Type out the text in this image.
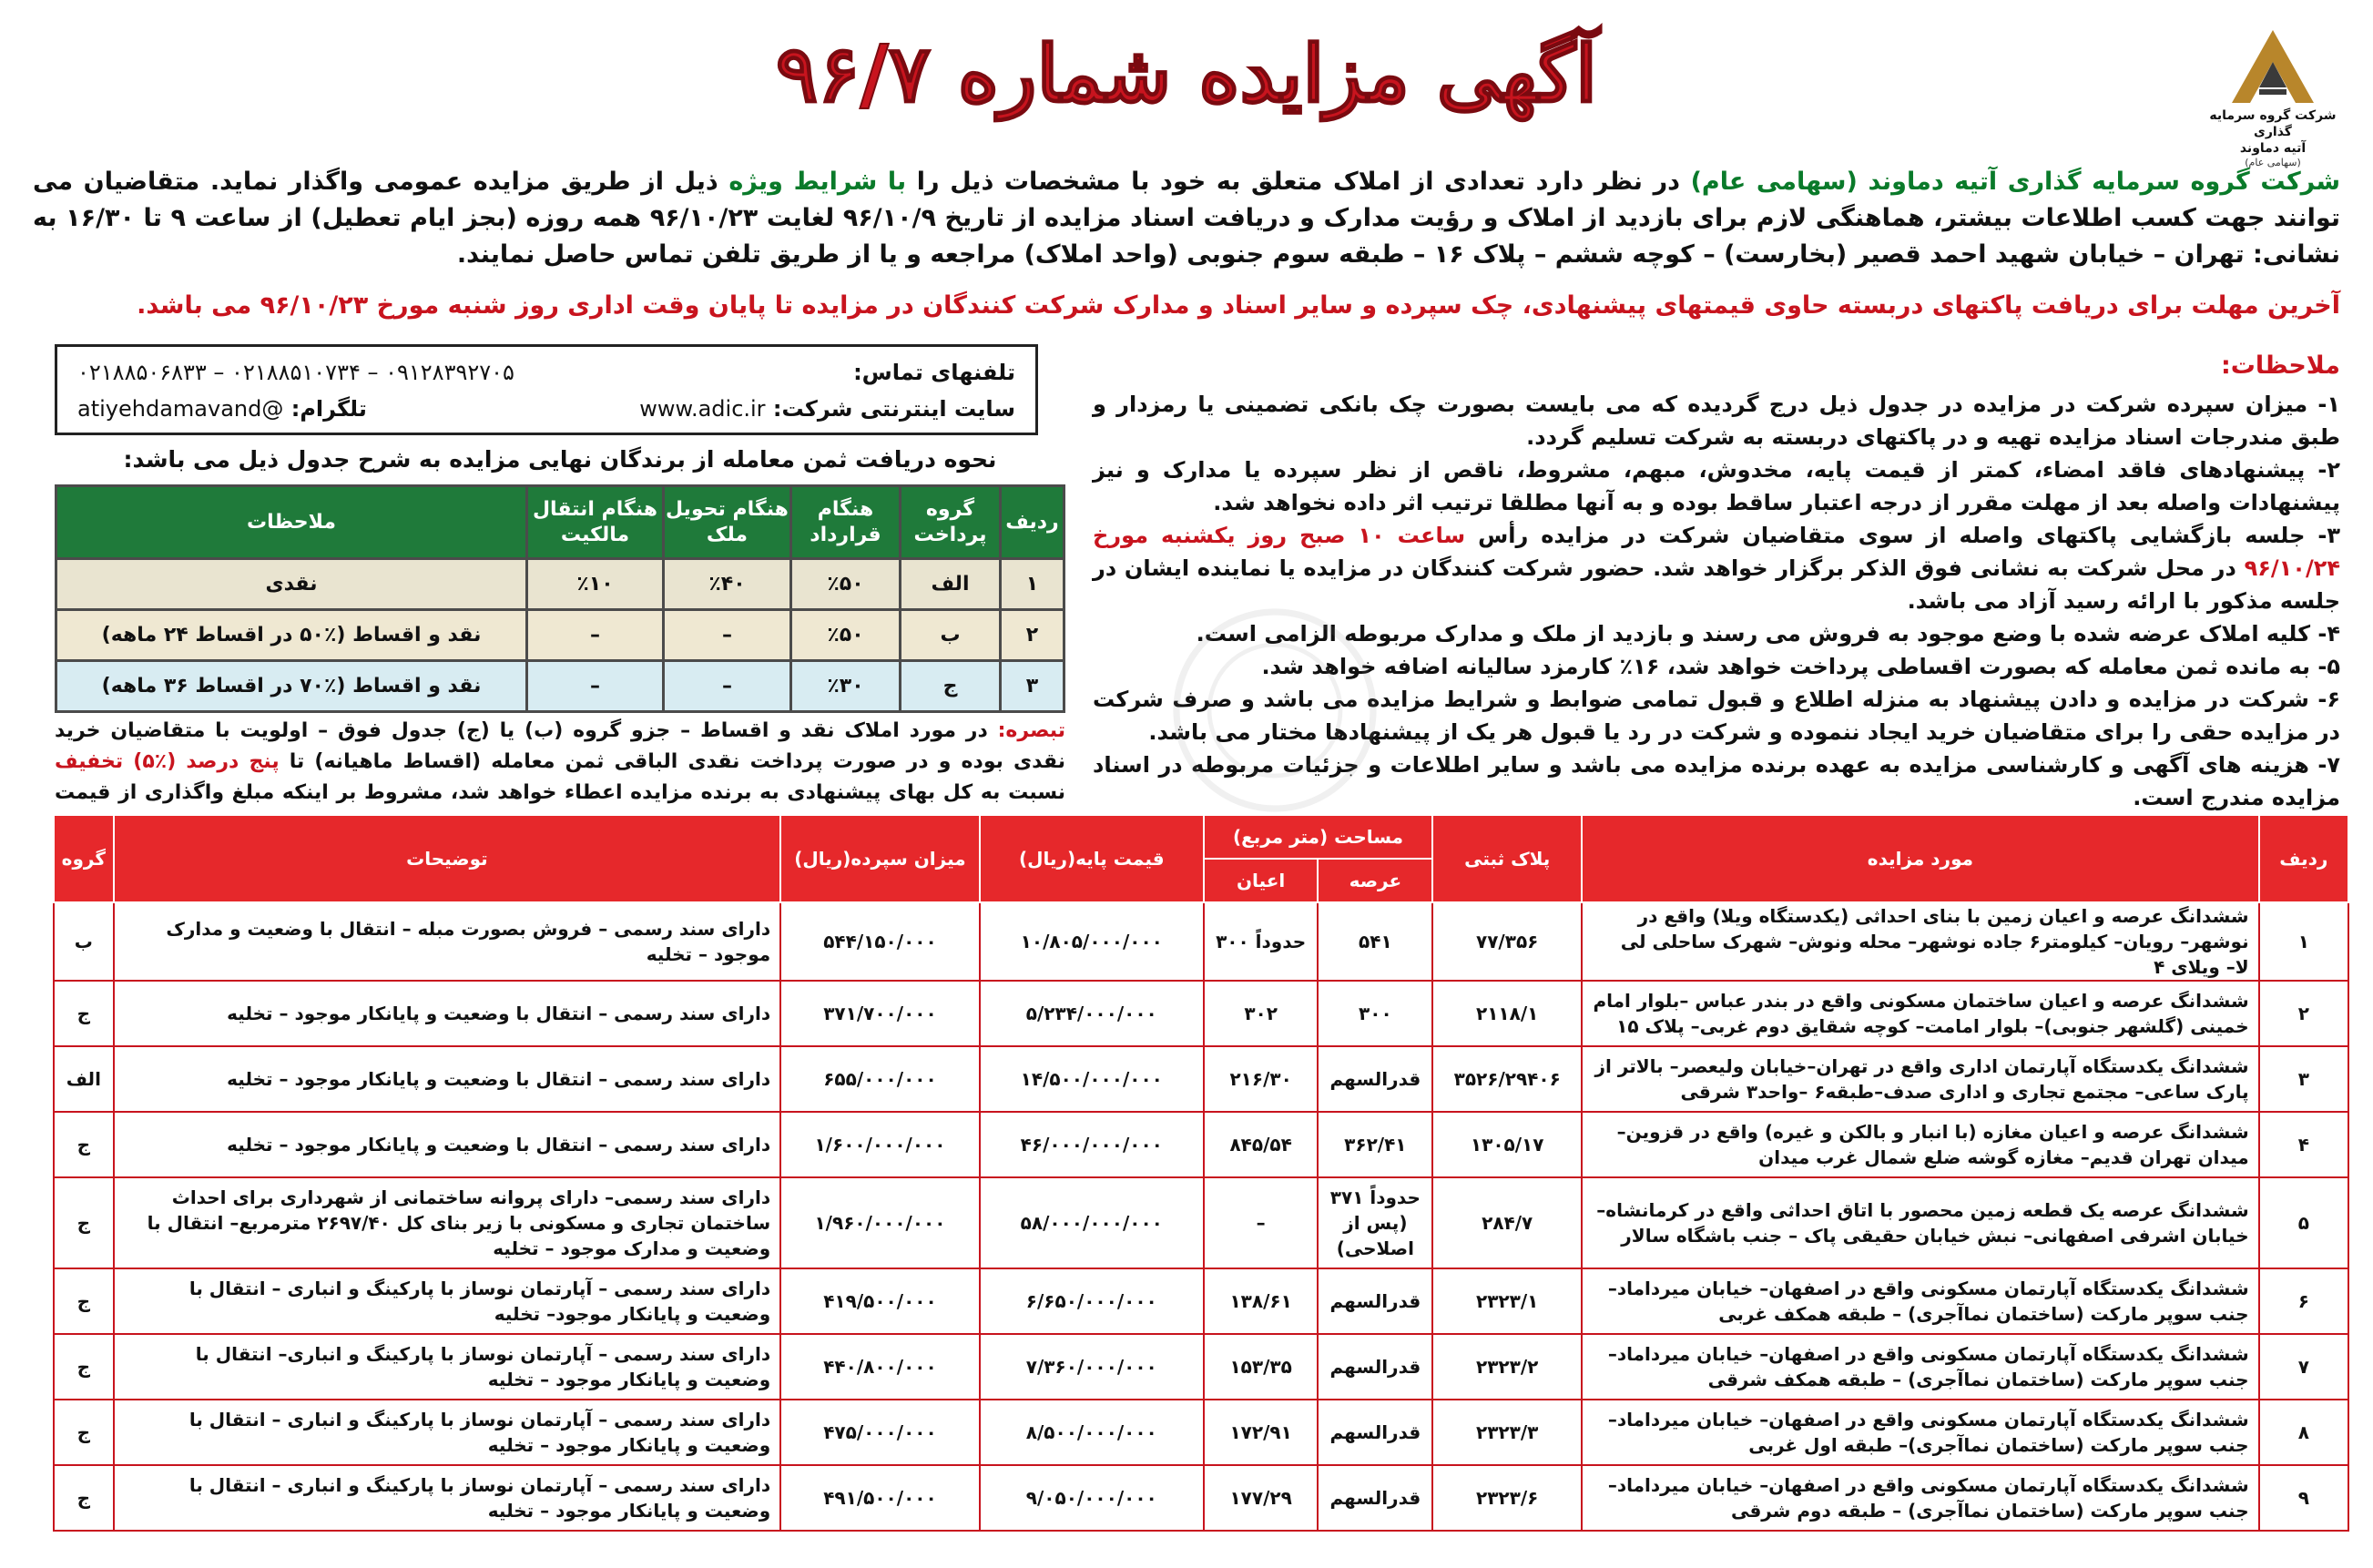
شرکت گروه سرمایه گذاری
آتیه دماوند
(سهامی عام)
آگهی مزایده شماره ۹۶/۷
شرکت گروه سرمایه گذاری آتیه دماوند (سهامی عام) در نظر دارد تعدادی از املاک متعلق به خود با مشخصات ذیل را با شرایط ویژه ذیل از طریق مزایده عمومی واگذار نماید. متقاضیان می توانند جهت کسب اطلاعات بیشتر، هماهنگی لازم برای بازدید از املاک و رؤیت مدارک و دریافت اسناد مزایده از تاریخ ۹۶/۱۰/۹ لغایت ۹۶/۱۰/۲۳ همه روزه (بجز ایام تعطیل) از ساعت ۹ تا ۱۶/۳۰ به نشانی: تهران – خیابان شهید احمد قصیر (بخارست) – کوچه ششم – پلاک ۱۶ – طبقه سوم جنوبی (واحد املاک) مراجعه و یا از طریق تلفن تماس حاصل نمایند.
آخرین مهلت برای دریافت پاکتهای دربسته حاوی قیمتهای پیشنهادی، چک سپرده و سایر اسناد و مدارک شرکت کنندگان در مزایده تا پایان وقت اداری روز شنبه مورخ ۹۶/۱۰/۲۳ می باشد.
ملاحظات:

۱- میزان سپرده شرکت در مزایده در جدول ذیل درج گردیده که می بایست بصورت چک بانکی تضمینی یا رمزدار و طبق مندرجات اسناد مزایده تهیه و در پاکتهای دربسته به شرکت تسلیم گردد.

۲- پیشنهادهای فاقد امضاء، کمتر از قیمت پایه، مخدوش، مبهم، مشروط، ناقص از نظر سپرده یا مدارک و نیز پیشنهادات واصله بعد از مهلت مقرر از درجه اعتبار ساقط بوده و به آنها مطلقا ترتیب اثر داده نخواهد شد.

۳- جلسه بازگشایی پاکتهای واصله از سوی متقاضیان شرکت در مزایده رأس ساعت ۱۰ صبح روز یکشنبه مورخ ۹۶/۱۰/۲۴ در محل شرکت به نشانی فوق الذکر برگزار خواهد شد. حضور شرکت کنندگان در مزایده یا نماینده ایشان در جلسه مذکور با ارائه رسید آزاد می باشد.

۴- کلیه املاک عرضه شده با وضع موجود به فروش می رسند و بازدید از ملک و مدارک مربوطه الزامی است.

۵- به مانده ثمن معامله که بصورت اقساطی پرداخت خواهد شد، ۱۶٪ کارمزد سالیانه اضافه خواهد شد.

۶- شرکت در مزایده و دادن پیشنهاد به منزله اطلاع و قبول تمامی ضوابط و شرایط مزایده می باشد و صرف شرکت در مزایده حقی را برای متقاضیان خرید ایجاد ننموده و شرکت در رد یا قبول هر یک از پیشنهادها مختار می باشد.

۷- هزینه های آگهی و کارشناسی مزایده به عهده برنده مزایده می باشد و سایر اطلاعات و جزئیات مربوطه در اسناد مزایده مندرج است.

تلفنهای تماس:
۰۲۱۸۸۵۰۶۸۳۳ – ۰۲۱۸۸۵۱۰۷۳۴ – ۰۹۱۲۸۳۹۲۷۰۵
سایت اینترنتی شرکت: www.adic.ir
تلگرام: @atiyehdamavand
نحوه دریافت ثمن معامله از برندگان نهایی مزایده به شرح جدول ذیل می باشد:
ردیف	گروه پرداخت	هنگام قرارداد	هنگام تحویل ملک	هنگام انتقال مالکیت	ملاحظات
۱	الف	٪۵۰	٪۴۰	٪۱۰	نقدی
۲	ب	٪۵۰	–	–	نقد و اقساط (٪۵۰ در اقساط ۲۴ ماهه)
۳	ج	٪۳۰	–	–	نقد و اقساط (٪۷۰ در اقساط ۳۶ ماهه)
تبصره: در مورد املاک نقد و اقساط – جزو گروه (ب) یا (ج) جدول فوق – اولویت با متقاضیان خرید نقدی بوده و در صورت پرداخت نقدی الباقی ثمن معامله (اقساط ماهیانه) تا پنج درصد (٪۵) تخفیف نسبت به کل بهای پیشنهادی به برنده مزایده اعطاء خواهد شد، مشروط بر اینکه مبلغ واگذاری از قیمت
ردیف	مورد مزایده	پلاک ثبتی	مساحت (متر مربع)		قیمت پایه(ریال)	میزان سپرده(ریال)	توضیحات	گروه
			عرصه	اعیان				
۱	ششدانگ عرصه و اعیان زمین با بنای احداثی (یکدستگاه ویلا) واقع در نوشهر– رویان– کیلومتر۶ جاده نوشهر– محله ونوش– شهرک ساحلی لی لا– ویلای ۴	۷۷/۳۵۶	۵۴۱	حدوداً ۳۰۰	۱۰/۸۰۵/۰۰۰/۰۰۰	۵۴۴/۱۵۰/۰۰۰	دارای سند رسمی – فروش بصورت مبله – انتقال با وضعیت و مدارک موجود – تخلیه	ب
۲	ششدانگ عرصه و اعیان ساختمان مسکونی واقع در بندر عباس –بلوار امام خمینی (گلشهر جنوبی)– بلوار امامت– کوچه شقایق دوم غربی– پلاک ۱۵	۲۱۱۸/۱	۳۰۰	۳۰۲	۵/۲۳۴/۰۰۰/۰۰۰	۳۷۱/۷۰۰/۰۰۰	دارای سند رسمی – انتقال با وضعیت و پایانکار موجود – تخلیه	ج
۳	ششدانگ یکدستگاه آپارتمان اداری واقع در تهران–خیابان ولیعصر– بالاتر از پارک ساعی– مجتمع تجاری و اداری صدف–طبقه۶ –واحد۳ شرقی	۳۵۲۶/۲۹۴۰۶	قدرالسهم	۲۱۶/۳۰	۱۴/۵۰۰/۰۰۰/۰۰۰	۶۵۵/۰۰۰/۰۰۰	دارای سند رسمی – انتقال با وضعیت و پایانکار موجود – تخلیه	الف
۴	ششدانگ عرصه و اعیان مغازه (با انبار و بالکن و غیره) واقع در قزوین– میدان تهران قدیم– مغازه گوشه ضلع شمال غرب میدان	۱۳۰۵/۱۷	۳۶۲/۴۱	۸۴۵/۵۴	۴۶/۰۰۰/۰۰۰/۰۰۰	۱/۶۰۰/۰۰۰/۰۰۰	دارای سند رسمی – انتقال با وضعیت و پایانکار موجود – تخلیه	ج
۵	ششدانگ عرصه یک قطعه زمین محصور با اتاق احداثی واقع در کرمانشاه– خیابان اشرفی اصفهانی– نبش خیابان حقیقی پاک – جنب باشگاه سالار	۲۸۴/۷	حدوداً ۳۷۱ (پس از اصلاحی)	–	۵۸/۰۰۰/۰۰۰/۰۰۰	۱/۹۶۰/۰۰۰/۰۰۰	دارای سند رسمی– دارای پروانه ساختمانی از شهرداری برای احداث ساختمان تجاری و مسکونی با زیر بنای کل ۲۶۹۷/۴۰ مترمربع– انتقال با وضعیت و مدارک موجود – تخلیه	ج
۶	ششدانگ یکدستگاه آپارتمان مسکونی واقع در اصفهان– خیابان میرداماد– جنب سوپر مارکت (ساختمان نماآجری) – طبقه همکف غربی	۲۳۲۳/۱	قدرالسهم	۱۳۸/۶۱	۶/۶۵۰/۰۰۰/۰۰۰	۴۱۹/۵۰۰/۰۰۰	دارای سند رسمی – آپارتمان نوساز با پارکینگ و انباری – انتقال با وضعیت و پایانکار موجود– تخلیه	ج
۷	ششدانگ یکدستگاه آپارتمان مسکونی واقع در اصفهان– خیابان میرداماد– جنب سوپر مارکت (ساختمان نماآجری) – طبقه همکف شرقی	۲۳۲۳/۲	قدرالسهم	۱۵۳/۳۵	۷/۳۶۰/۰۰۰/۰۰۰	۴۴۰/۸۰۰/۰۰۰	دارای سند رسمی – آپارتمان نوساز با پارکینگ و انباری– انتقال با وضعیت و پایانکار موجود – تخلیه	ج
۸	ششدانگ یکدستگاه آپارتمان مسکونی واقع در اصفهان– خیابان میرداماد– جنب سوپر مارکت (ساختمان نماآجری)– طبقه اول غربی	۲۳۲۳/۳	قدرالسهم	۱۷۲/۹۱	۸/۵۰۰/۰۰۰/۰۰۰	۴۷۵/۰۰۰/۰۰۰	دارای سند رسمی – آپارتمان نوساز با پارکینگ و انباری – انتقال با وضعیت و پایانکار موجود – تخلیه	ج
۹	ششدانگ یکدستگاه آپارتمان مسکونی واقع در اصفهان– خیابان میرداماد– جنب سوپر مارکت (ساختمان نماآجری) – طبقه دوم شرقی	۲۳۲۳/۶	قدرالسهم	۱۷۷/۲۹	۹/۰۵۰/۰۰۰/۰۰۰	۴۹۱/۵۰۰/۰۰۰	دارای سند رسمی – آپارتمان نوساز با پارکینگ و انباری – انتقال با وضعیت و پایانکار موجود – تخلیه	ج
